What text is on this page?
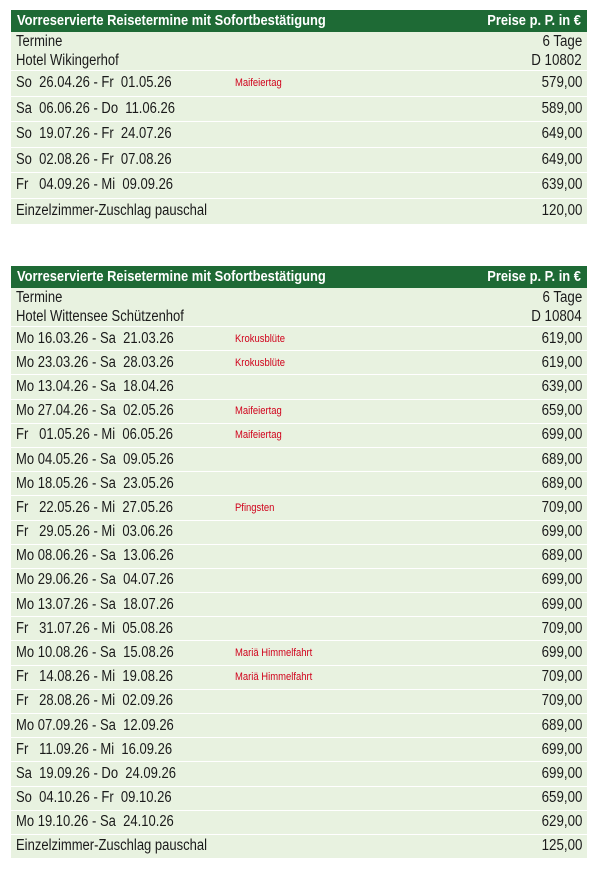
Vorreservierte Reisetermine mit Sofortbestätigung	Preise p. P. in €
Termine	6 Tage
Hotel Wikingerhof	D 10802
So  26.04.26 - Fr  01.05.26	Maifeiertag	579,00
Sa  06.06.26 - Do  11.06.26	589,00
So  19.07.26 - Fr  24.07.26	649,00
So  02.08.26 - Fr  07.08.26	649,00
Fr   04.09.26 - Mi  09.09.26	639,00
Einzelzimmer-Zuschlag pauschal	120,00
Vorreservierte Reisetermine mit Sofortbestätigung	Preise p. P. in €
Termine	6 Tage
Hotel Wittensee Schützenhof	D 10804
Mo 16.03.26 - Sa  21.03.26	Krokusblüte	619,00
Mo 23.03.26 - Sa  28.03.26	Krokusblüte	619,00
Mo 13.04.26 - Sa  18.04.26	639,00
Mo 27.04.26 - Sa  02.05.26	Maifeiertag	659,00
Fr   01.05.26 - Mi  06.05.26	Maifeiertag	699,00
Mo 04.05.26 - Sa  09.05.26	689,00
Mo 18.05.26 - Sa  23.05.26	689,00
Fr   22.05.26 - Mi  27.05.26	Pfingsten	709,00
Fr   29.05.26 - Mi  03.06.26	699,00
Mo 08.06.26 - Sa  13.06.26	689,00
Mo 29.06.26 - Sa  04.07.26	699,00
Mo 13.07.26 - Sa  18.07.26	699,00
Fr   31.07.26 - Mi  05.08.26	709,00
Mo 10.08.26 - Sa  15.08.26	Mariä Himmelfahrt	699,00
Fr   14.08.26 - Mi  19.08.26	Mariä Himmelfahrt	709,00
Fr   28.08.26 - Mi  02.09.26	709,00
Mo 07.09.26 - Sa  12.09.26	689,00
Fr   11.09.26 - Mi  16.09.26	699,00
Sa  19.09.26 - Do  24.09.26	699,00
So  04.10.26 - Fr  09.10.26	659,00
Mo 19.10.26 - Sa  24.10.26	629,00
Einzelzimmer-Zuschlag pauschal	125,00
